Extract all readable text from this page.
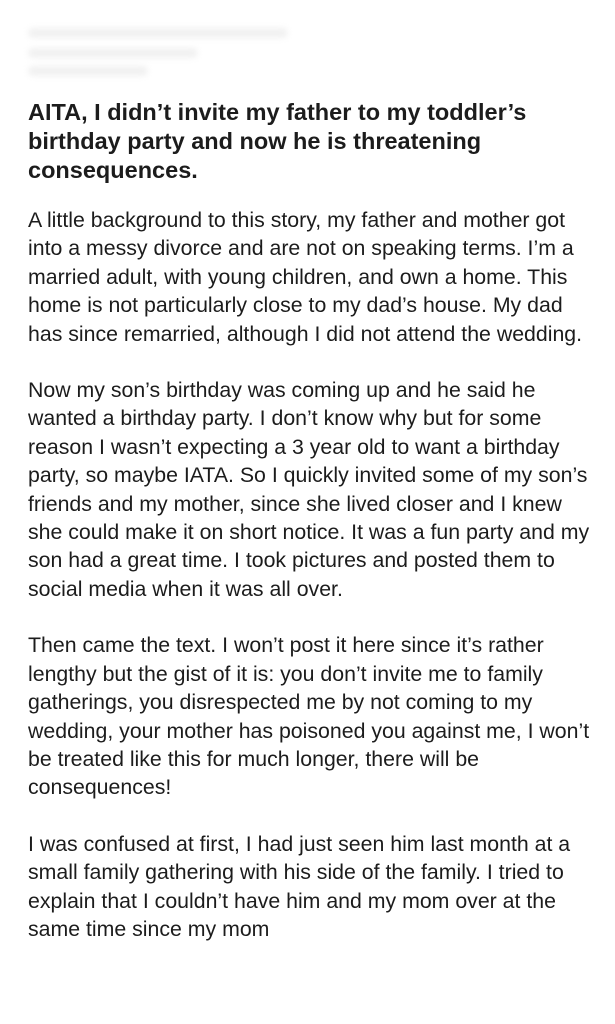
AITA, I didn’t invite my father to my toddler’s birthday party and now he is threatening consequences.

A little background to this story, my father and mother got into a messy divorce and are not on speaking terms. I’m a married adult, with young children, and own a home. This home is not particularly close to my dad’s house. My dad has since remarried, although I did not attend the wedding.

Now my son’s birthday was coming up and he said he wanted a birthday party. I don’t know why but for some reason I wasn’t expecting a 3 year old to want a birthday party, so maybe IATA. So I quickly invited some of my son’s friends and my mother, since she lived closer and I knew she could make it on short notice. It was a fun party and my son had a great time. I took pictures and posted them to social media when it was all over.

Then came the text. I won’t post it here since it’s rather lengthy but the gist of it is: you don’t invite me to family gatherings, you disrespected me by not coming to my wedding, your mother has poisoned you against me, I won’t be treated like this for much longer, there will be consequences!

I was confused at first, I had just seen him last month at a small family gathering with his side of the family. I tried to explain that I couldn’t have him and my mom over at the same time since my mom
